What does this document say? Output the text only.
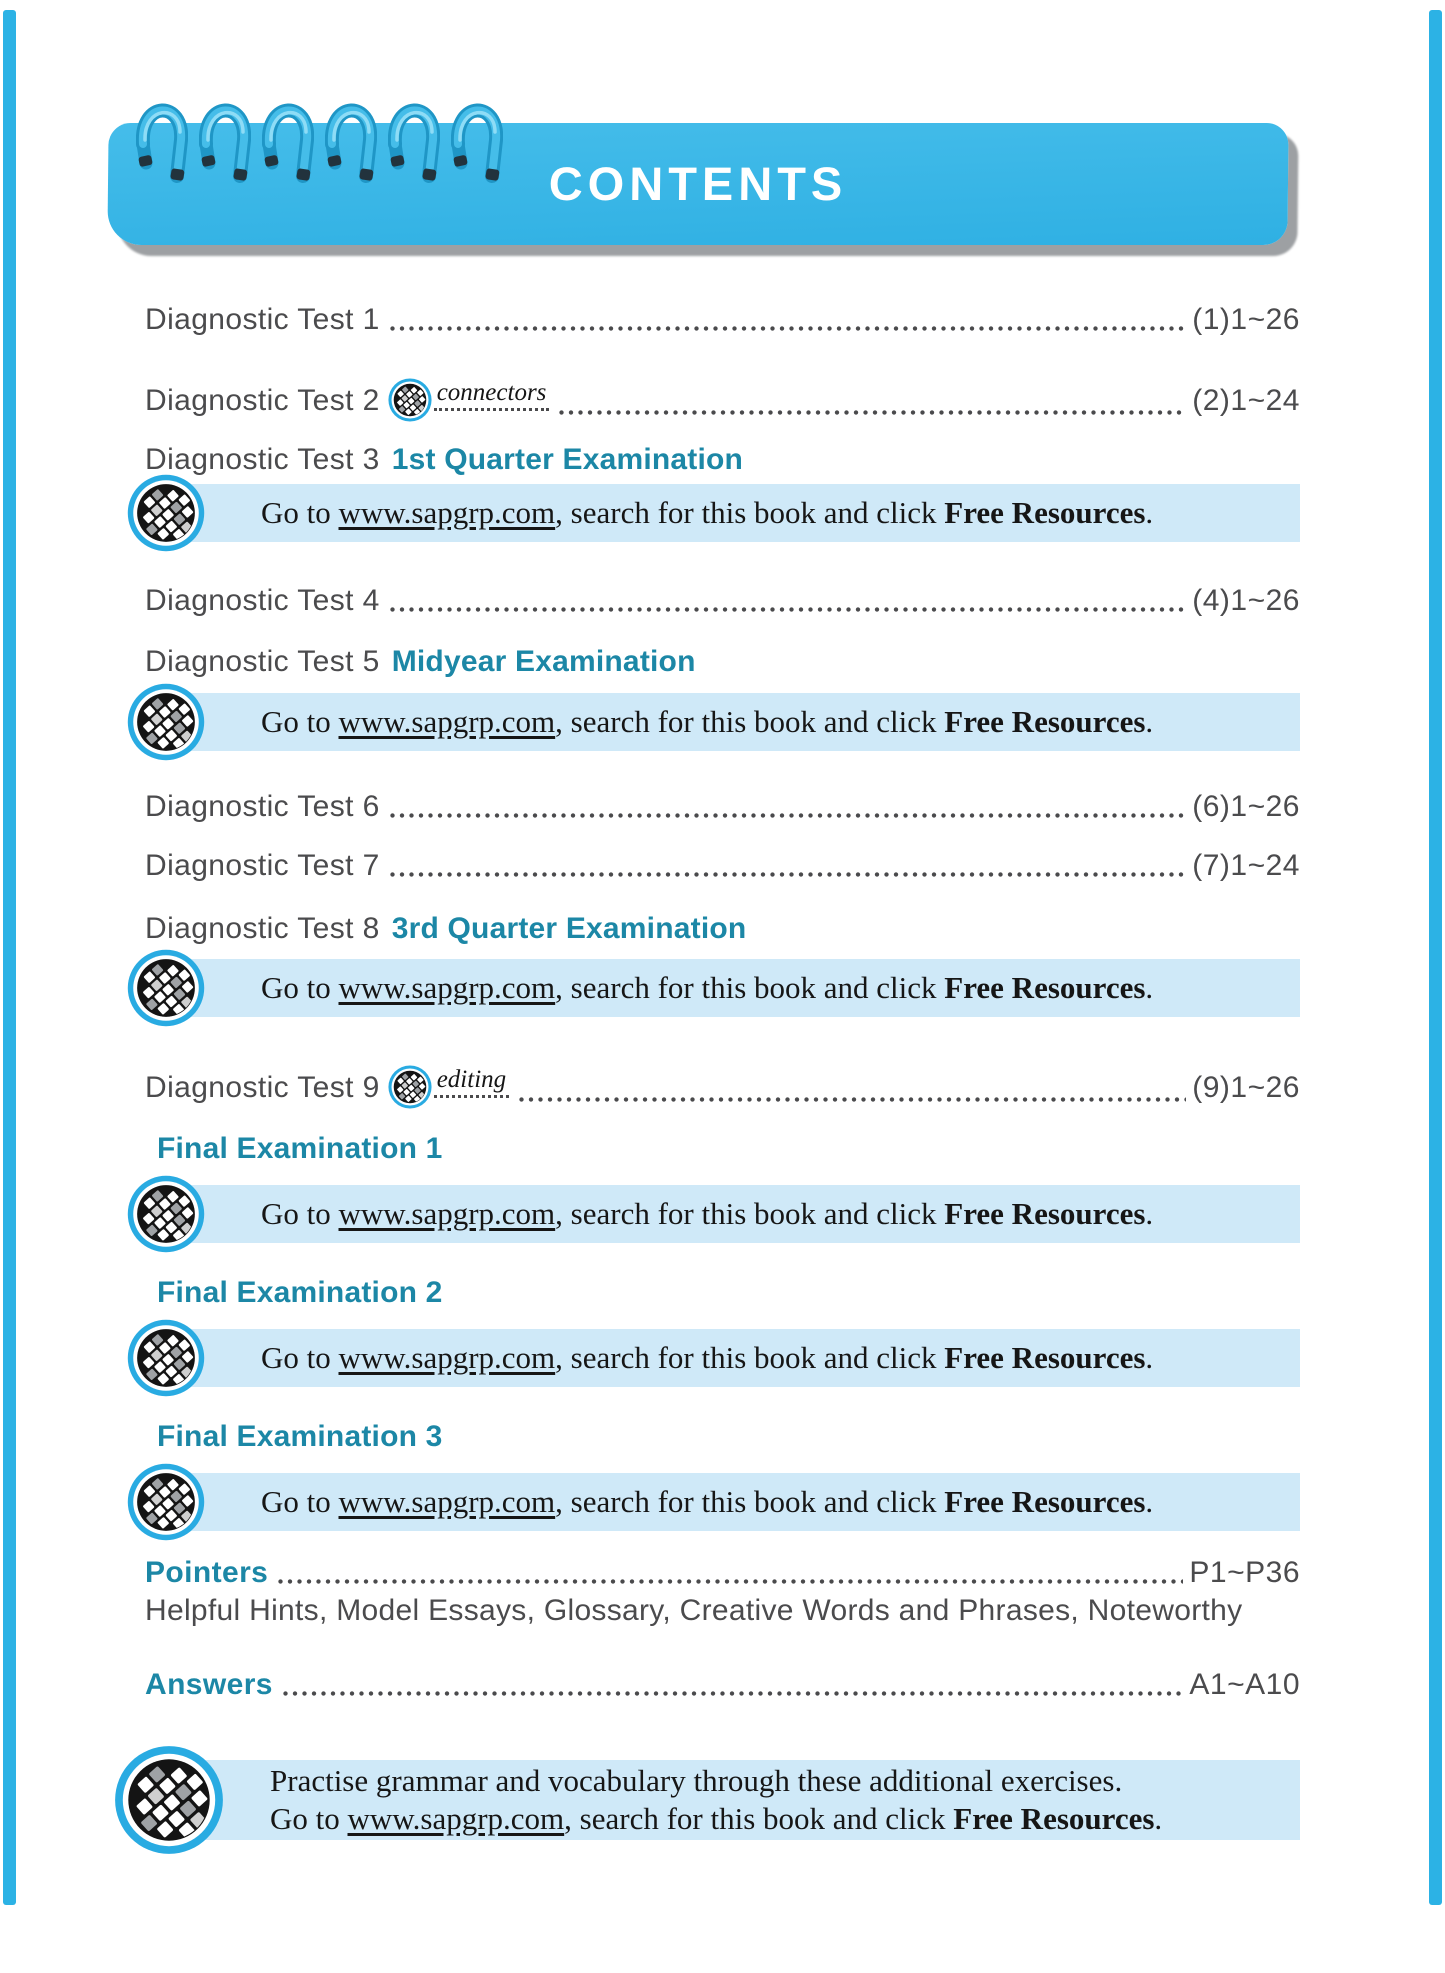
CONTENTS
Diagnostic Test 1	(1)1~26
Diagnostic Test 2 connectors	(2)1~24
Diagnostic Test 3 1st Quarter Examination

Go to www.sapgrp.com, search for this book and click Free Resources.

Diagnostic Test 4	(4)1~26
Diagnostic Test 5 Midyear Examination

Go to www.sapgrp.com, search for this book and click Free Resources.

Diagnostic Test 6	(6)1~26
Diagnostic Test 7	(7)1~24
Diagnostic Test 8 3rd Quarter Examination

Go to www.sapgrp.com, search for this book and click Free Resources.

Diagnostic Test 9 editing	(9)1~26
Final Examination 1

Go to www.sapgrp.com, search for this book and click Free Resources.

Final Examination 2

Go to www.sapgrp.com, search for this book and click Free Resources.

Final Examination 3

Go to www.sapgrp.com, search for this book and click Free Resources.

Pointers	P1~P36
Helpful Hints, Model Essays, Glossary, Creative Words and Phrases, Noteworthy
Answers	A1~A10

Practise grammar and vocabulary through these additional exercises.

Go to www.sapgrp.com, search for this book and click Free Resources.
